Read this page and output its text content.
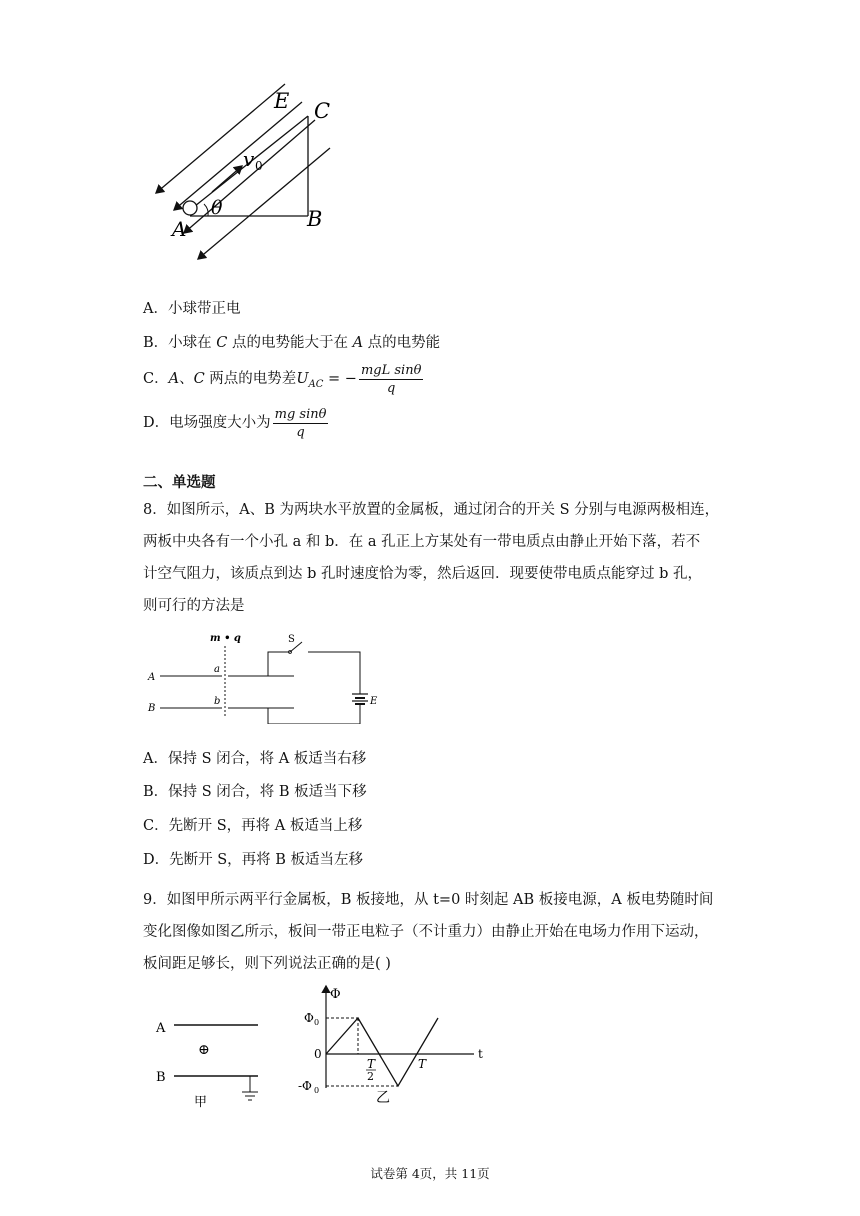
E C
B
A
v 0
θ
A．小球带正电
B．小球在 C 点的电势能大于在 A 点的电势能
C．A、C 两点的电势差$U_{AC}$ = − $\frac{\text{mgL sinθ}}{q}$
D．电场强度大小为 $\frac{\text{mg sinθ}}{q}$
二、单选题
8．如图所示，A、B 为两块水平放置的金属板，通过闭合的开关 S 分别与电源两极相连，
两板中央各有一个小孔 a 和 b．在 a 孔正上方某处有一带电质点由静止开始下落，若不
计空气阻力，该质点到达 b 孔时速度恰为零，然后返回．现要使带电质点能穿过 b 孔，
则可行的方法是
m • q	S
A
a
B
b	E
A．保持 S 闭合，将 A 板适当右移
B．保持 S 闭合，将 B 板适当下移
C．先断开 S，再将 A 板适当上移
D．先断开 S，再将 B 板适当左移
9．如图甲所示两平行金属板，B 板接地，从 t=0 时刻起 AB 板接电源，A 板电势随时间
变化图像如图乙所示，板间一带正电粒子（不计重力）由静止开始在电场力作用下运动，
板间距足够长，则下列说法正确的是( )
A
⊕
B
甲
Φ
t
0
Φ 0
-Φ 0
T
2
T
乙
试卷第 4页，共 11页
